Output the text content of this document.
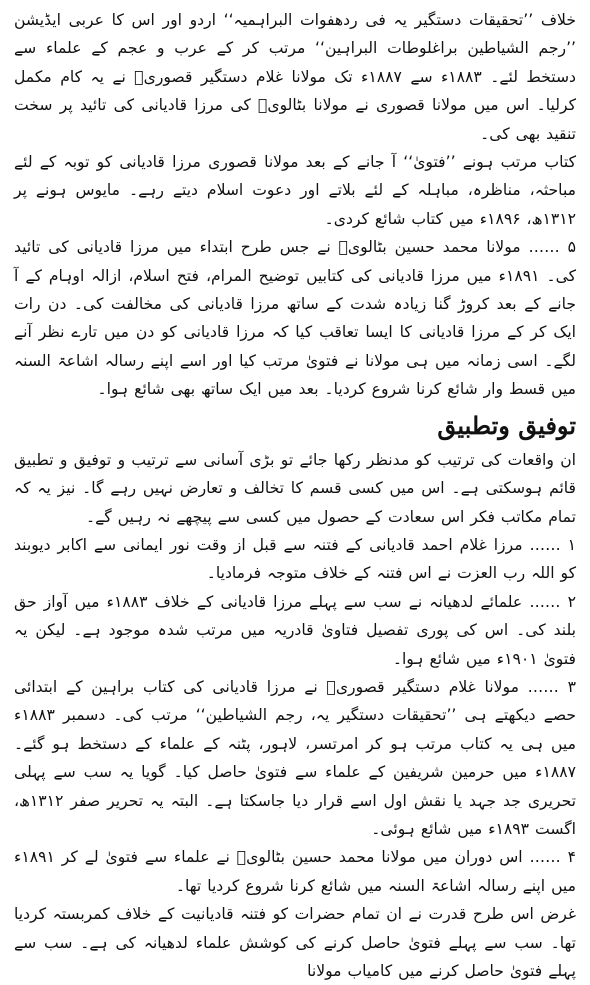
خلاف ’’تحقیقات دستگیر یہ فی ردھفوات البراہمیہ‘‘ اردو اور اس کا عربی ایڈیشن ’’رجم الشیاطین براغلوطات البراہین‘‘ مرتب کر کے عرب و عجم کے علماء سے دستخط لئے۔ ۱۸۸۳ء سے ۱۸۸۷ء تک مولانا غلام دستگیر قصوریؒ نے یہ کام مکمل کرلیا۔ اس میں مولانا قصوری نے مولانا بٹالویؒ کی مرزا قادیانی کی تائید پر سخت تنقید بھی کی۔

کتاب مرتب ہونے ’’فتویٰ‘‘ آ جانے کے بعد مولانا قصوری مرزا قادیانی کو توبہ کے لئے مباحثہ، مناظرہ، مباہلہ کے لئے بلاتے اور دعوت اسلام دیتے رہے۔ مایوس ہونے پر ۱۳۱۲ھ، ۱۸۹۶ء میں کتاب شائع کردی۔

۵ …… مولانا محمد حسین بٹالویؒ نے جس طرح ابتداء میں مرزا قادیانی کی تائید کی۔ ۱۸۹۱ء میں مرزا قادیانی کی کتابیں توضیح المرام، فتح اسلام، ازالہ اوہام کے آ جانے کے بعد کروڑ گنا زیادہ شدت کے ساتھ مرزا قادیانی کی مخالفت کی۔ دن رات ایک کر کے مرزا قادیانی کا ایسا تعاقب کیا کہ مرزا قادیانی کو دن میں تارے نظر آنے لگے۔ اسی زمانہ میں ہی مولانا نے فتویٰ مرتب کیا اور اسے اپنے رسالہ اشاعۃ السنہ میں قسط وار شائع کرنا شروع کردیا۔ بعد میں ایک ساتھ بھی شائع ہوا۔

توفیق وتطبیق

ان واقعات کی ترتیب کو مدنظر رکھا جائے تو بڑی آسانی سے ترتیب و توفیق و تطبیق قائم ہوسکتی ہے۔ اس میں کسی قسم کا تخالف و تعارض نہیں رہے گا۔ نیز یہ کہ تمام مکاتب فکر اس سعادت کے حصول میں کسی سے پیچھے نہ رہیں گے۔

۱ …… مرزا غلام احمد قادیانی کے فتنہ سے قبل از وقت نور ایمانی سے اکابر دیوبند کو اللہ رب العزت نے اس فتنہ کے خلاف متوجہ فرمادیا۔

۲ …… علمائے لدھیانہ نے سب سے پہلے مرزا قادیانی کے خلاف ۱۸۸۳ء میں آواز حق بلند کی۔ اس کی پوری تفصیل فتاویٰ قادریہ میں مرتب شدہ موجود ہے۔ لیکن یہ فتویٰ ۱۹۰۱ء میں شائع ہوا۔

۳ …… مولانا غلام دستگیر قصوریؒ نے مرزا قادیانی کی کتاب براہین کے ابتدائی حصے دیکھتے ہی ’’تحقیقات دستگیر یہ، رجم الشیاطین‘‘ مرتب کی۔ دسمبر ۱۸۸۳ء میں ہی یہ کتاب مرتب ہو کر امرتسر، لاہور، پٹنہ کے علماء کے دستخط ہو گئے۔ ۱۸۸۷ء میں حرمین شریفین کے علماء سے فتویٰ حاصل کیا۔ گویا یہ سب سے پہلی تحریری جد جہد یا نقش اول اسے قرار دیا جاسکتا ہے۔ البتہ یہ تحریر صفر ۱۳۱۲ھ، اگست ۱۸۹۳ء میں شائع ہوئی۔

۴ …… اس دوران میں مولانا محمد حسین بٹالویؒ نے علماء سے فتویٰ لے کر ۱۸۹۱ء میں اپنے رسالہ اشاعۃ السنہ میں شائع کرنا شروع کردیا تھا۔

غرض اس طرح قدرت نے ان تمام حضرات کو فتنہ قادیانیت کے خلاف کمربستہ کردیا تھا۔ سب سے پہلے فتویٰ حاصل کرنے کی کوشش علماء لدھیانہ کی ہے۔ سب سے پہلے فتویٰ حاصل کرنے میں کامیاب مولانا
